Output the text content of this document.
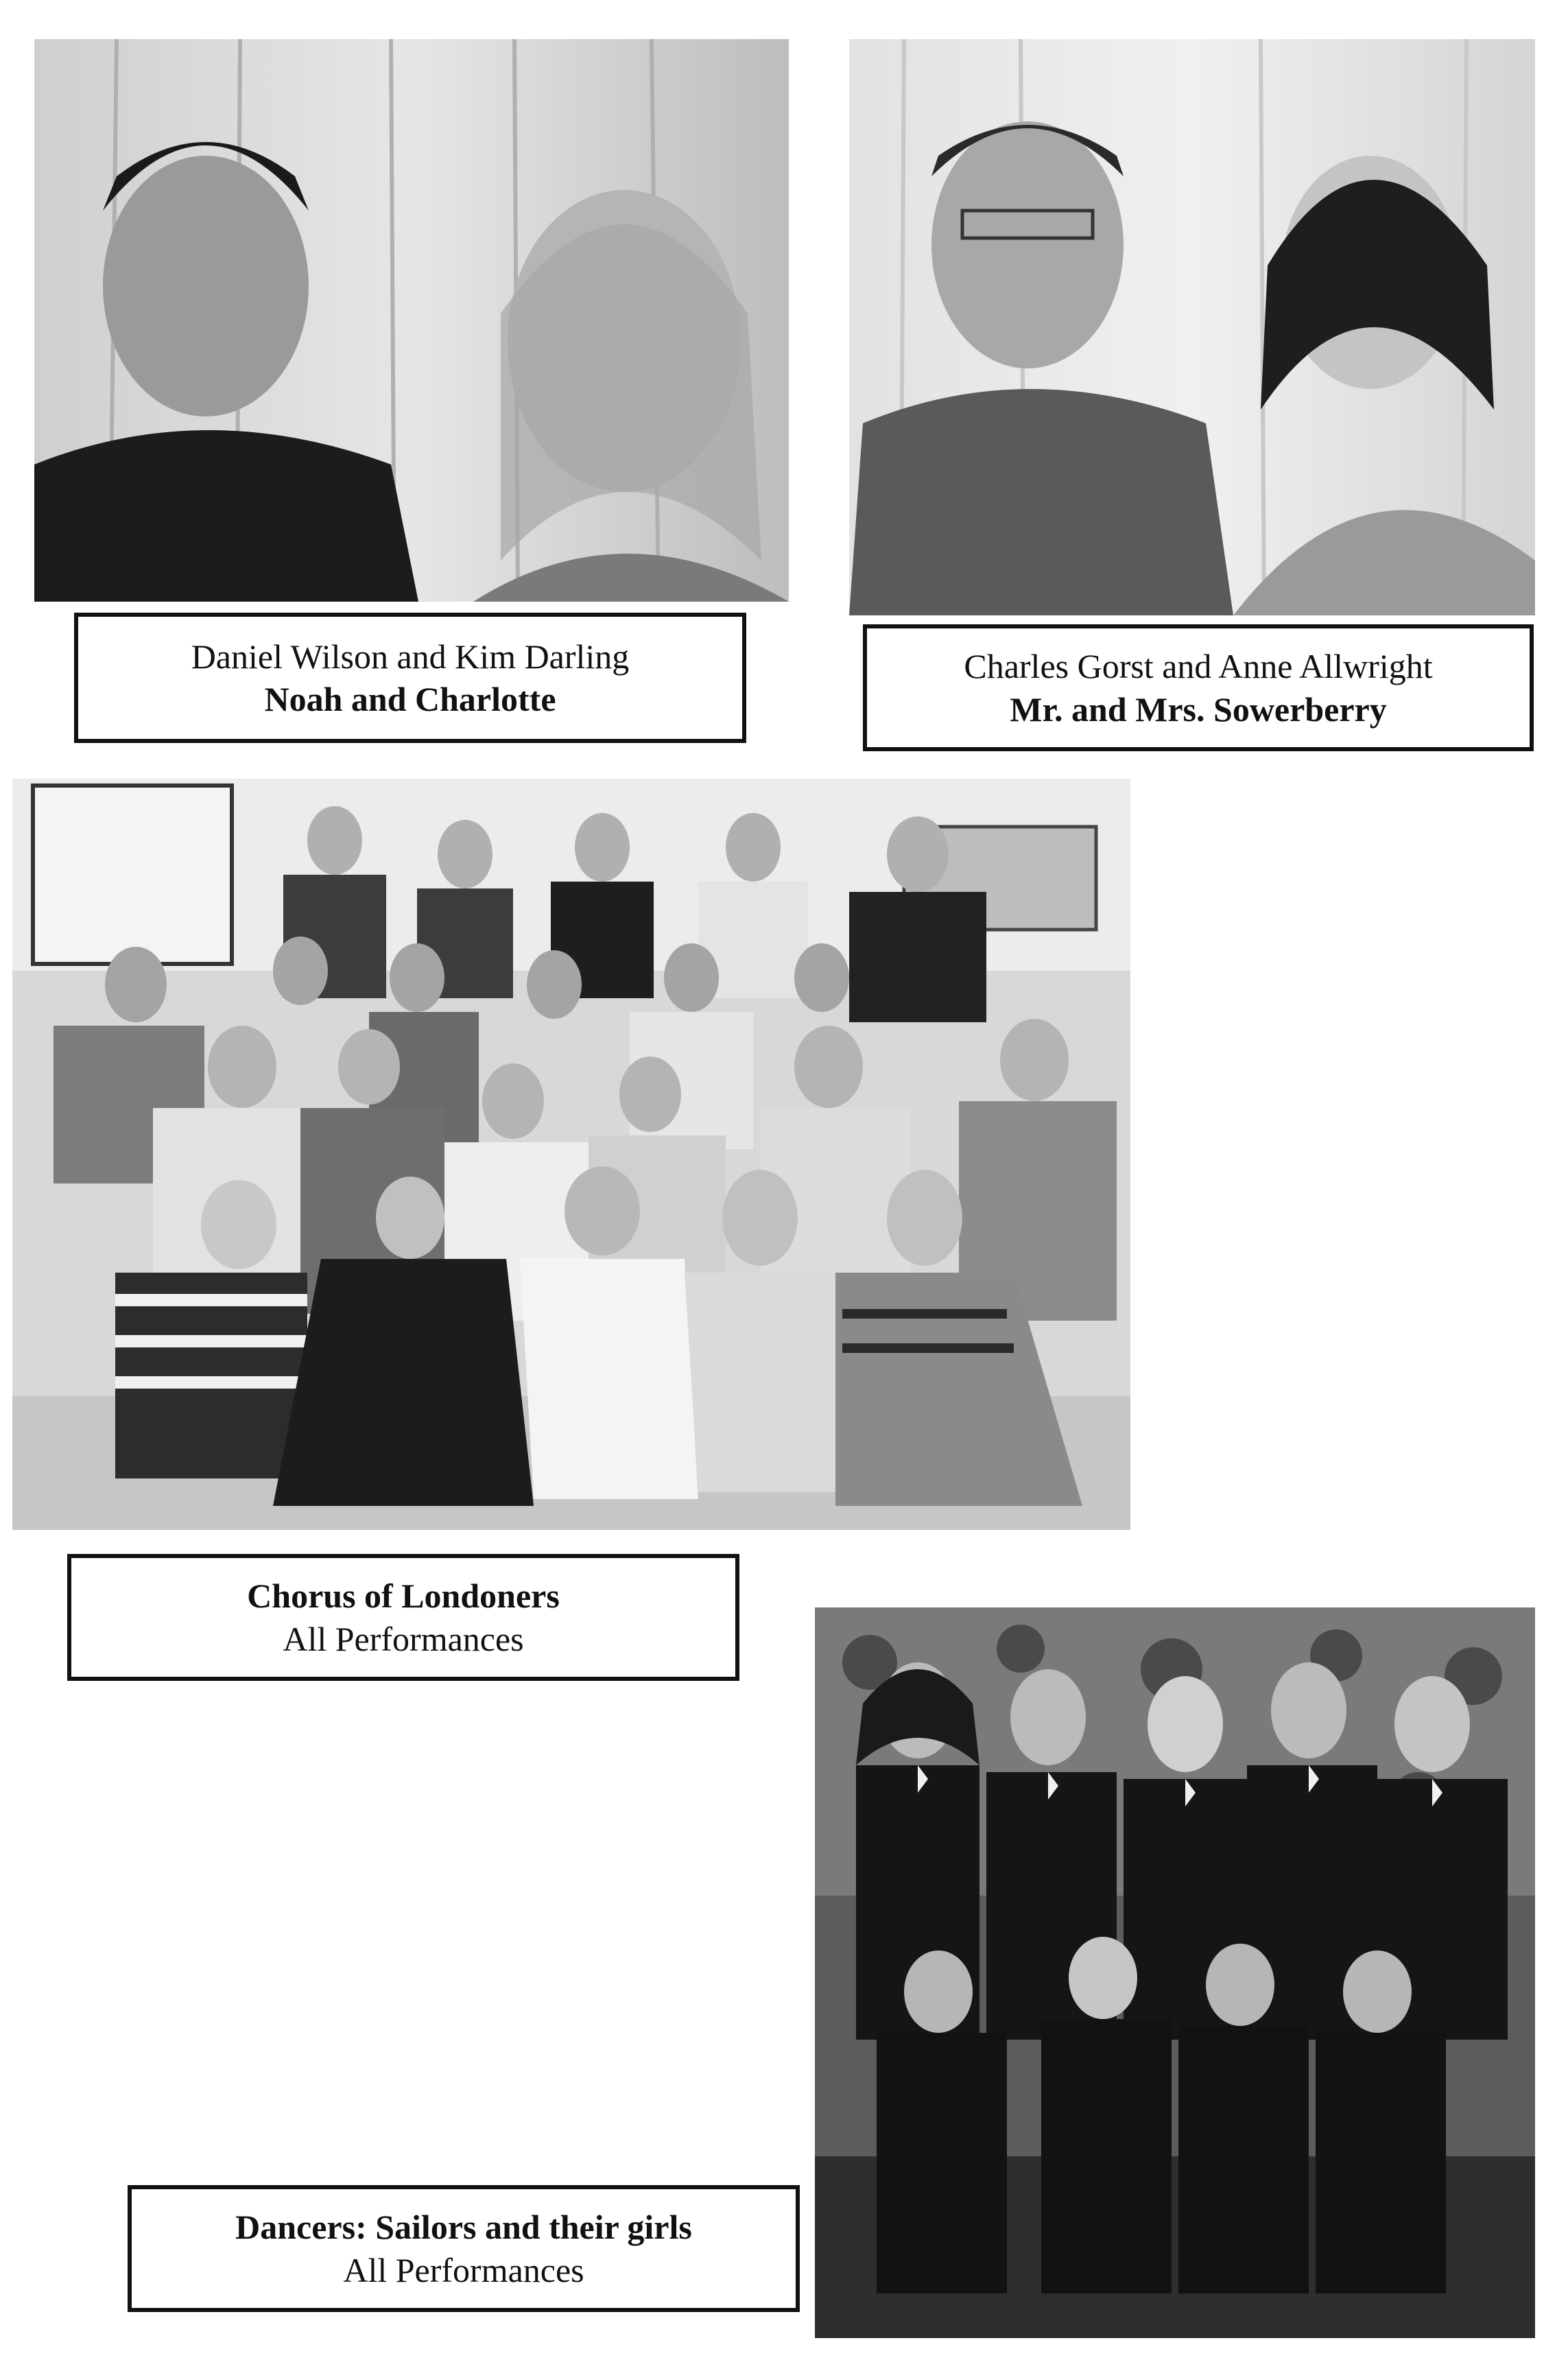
Daniel Wilson and Kim Darling
Noah and Charlotte
Charles Gorst and Anne Allwright
Mr. and Mrs. Sowerberry
Chorus of Londoners
All Performances
Dancers: Sailors and their girls
All Performances
